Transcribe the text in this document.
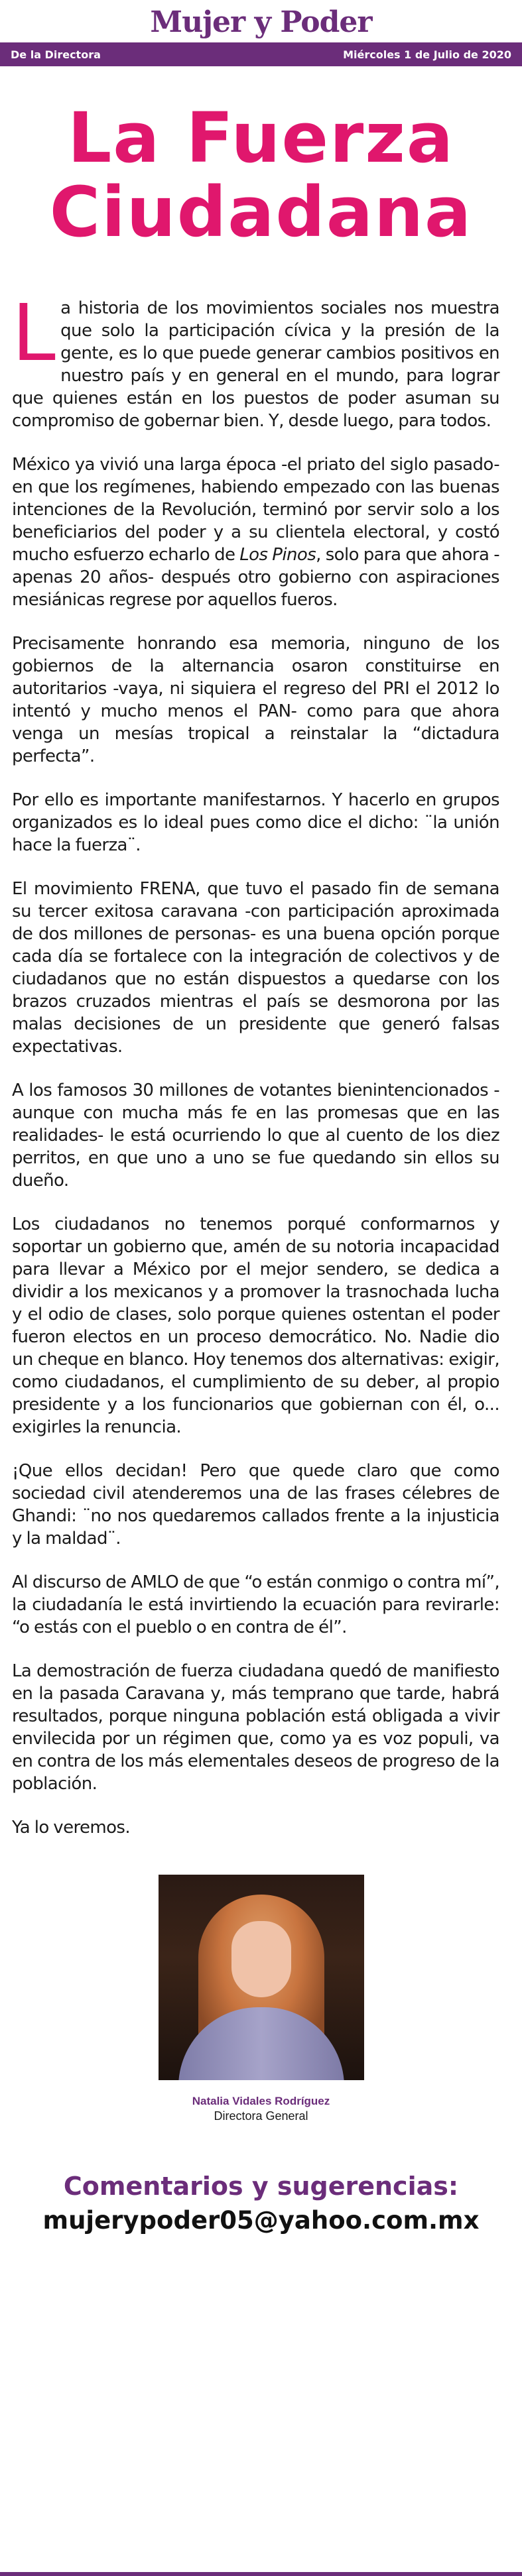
Mujer y Poder
De la Directora	Miércoles 1 de Julio de 2020
La Fuerza Ciudadana

La historia de los movimientos sociales nos muestra que solo la participación cívica y la presión de la gente, es lo que puede generar cambios positivos en nuestro país y en general en el mundo, para lograr que quienes están en los puestos de poder asuman su compromiso de gobernar bien. Y, desde luego, para todos.

México ya vivió una larga época -el priato del siglo pasado- en que los regímenes, habiendo empezado con las buenas intenciones de la Revolución, terminó por servir solo a los beneficiarios del poder y a su clientela electoral, y costó mucho esfuerzo echarlo de Los Pinos, solo para que ahora -apenas 20 años- después otro gobierno con aspiraciones mesiánicas regrese por aquellos fueros.

Precisamente honrando esa memoria, ninguno de los gobiernos de la alternancia osaron constituirse en autoritarios -vaya, ni siquiera el regreso del PRI el 2012 lo intentó y mucho menos el PAN- como para que ahora venga un mesías tropical a reinstalar la “dictadura perfecta”.

Por ello es importante manifestarnos. Y hacerlo en grupos organizados es lo ideal pues como dice el dicho: ¨la unión hace la fuerza¨.

El movimiento FRENA, que tuvo el pasado fin de semana su tercer exitosa caravana -con participación aproximada de dos millones de personas- es una buena opción porque cada día se fortalece con la integración de colectivos y de ciudadanos que no están dispuestos a quedarse con los brazos cruzados mientras el país se desmorona por las malas decisiones de un presidente que generó falsas expectativas.

A los famosos 30 millones de votantes bienintencionados -aunque con mucha más fe en las promesas que en las realidades- le está ocurriendo lo que al cuento de los diez perritos, en que uno a uno se fue quedando sin ellos su dueño.

Los ciudadanos no tenemos porqué conformarnos y soportar un gobierno que, amén de su notoria incapacidad para llevar a México por el mejor sendero, se dedica a dividir a los mexicanos y a promover la trasnochada lucha y el odio de clases, solo porque quienes ostentan el poder fueron electos en un proceso democrático. No. Nadie dio un cheque en blanco. Hoy tenemos dos alternativas: exigir, como ciudadanos, el cumplimiento de su deber, al propio presidente y a los funcionarios que gobiernan con él, o... exigirles la renuncia.

¡Que ellos decidan! Pero que quede claro que como sociedad civil atenderemos una de las frases célebres de Ghandi: ¨no nos quedaremos callados frente a la injusticia y la maldad¨.

Al discurso de AMLO de que “o están conmigo o contra mí”, la ciudadanía le está invirtiendo la ecuación para revirarle: “o estás con el pueblo o en contra de él”.

La demostración de fuerza ciudadana quedó de manifiesto en la pasada Caravana y, más temprano que tarde, habrá resultados, porque ninguna población está obligada a vivir envilecida por un régimen que, como ya es voz populi, va en contra de los más elementales deseos de progreso de la población.

Ya lo veremos.

Natalia Vidales Rodríguez
Directora General
Comentarios y sugerencias:
mujerypoder05@yahoo.com.mx
